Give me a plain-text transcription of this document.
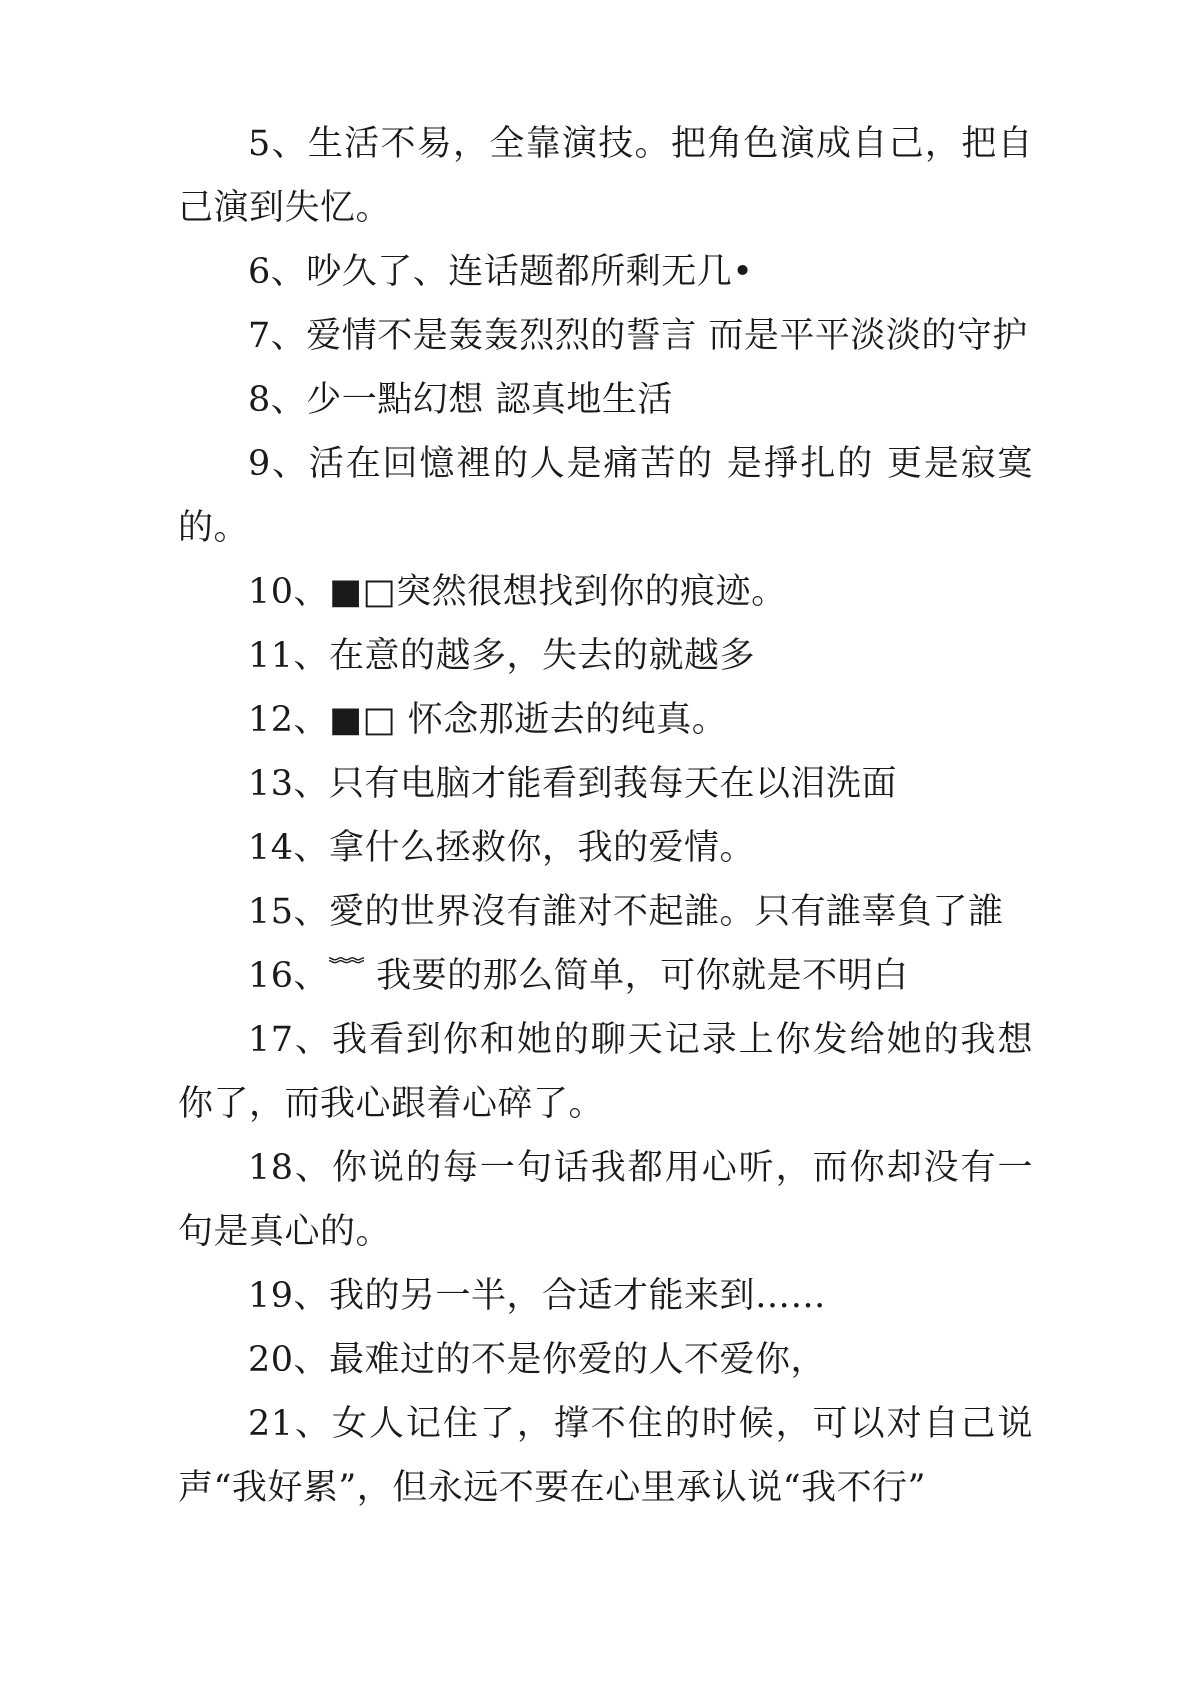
5、生活不易，全靠演技。把角色演成自己，把自己演到失忆。

6、吵久了、连话题都所剩无几•

7、爱情不是轰轰烈烈的誓言 而是平平淡淡的守护

8、少一點幻想 認真地生活

9、活在回憶裡的人是痛苦的 是掙扎的 更是寂寞的。

10、■□突然很想找到你的痕迹。

11、在意的越多，失去的就越多

12、■□ 怀念那逝去的纯真。

13、只有电脑才能看到莪每天在以泪洗面

14、拿什么拯救你，我的爱情。

15、愛的世界沒有誰对不起誰。只有誰辜負了誰

16、﹌ 我要的那么简单，可你就是不明白

17、我看到你和她的聊天记录上你发给她的我想你了，而我心跟着心碎了。

18、你说的每一句话我都用心听，而你却没有一句是真心的。

19、我的另一半，合适才能来到……

20、最难过的不是你爱的人不爱你，

21、女人记住了，撑不住的时候，可以对自己说声“我好累”，但永远不要在心里承认说“我不行”
